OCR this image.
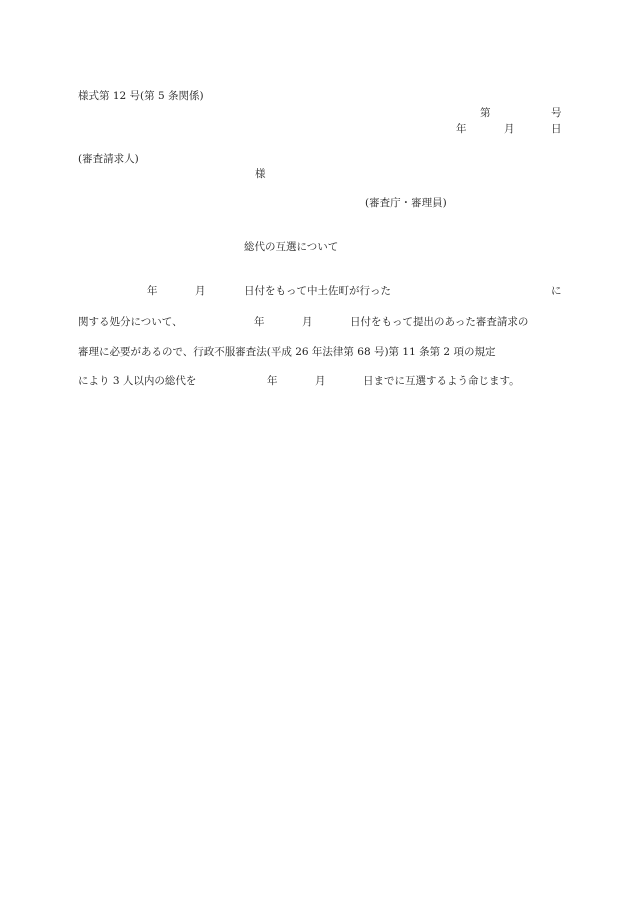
様式第 12 号(第 5 条関係)
第	号
年	月	日
(審査請求人)
様
(審査庁・審理員)
総代の互選について
年	月	日付をもって中土佐町が行った	に
関する処分について、	年	月	日付をもって提出のあった審査請求の
審理に必要があるので、行政不服審査法(平成 26 年法律第 68 号)第 11 条第 2 項の規定
により 3 人以内の総代を	年	月	日までに互選するよう命じます。
